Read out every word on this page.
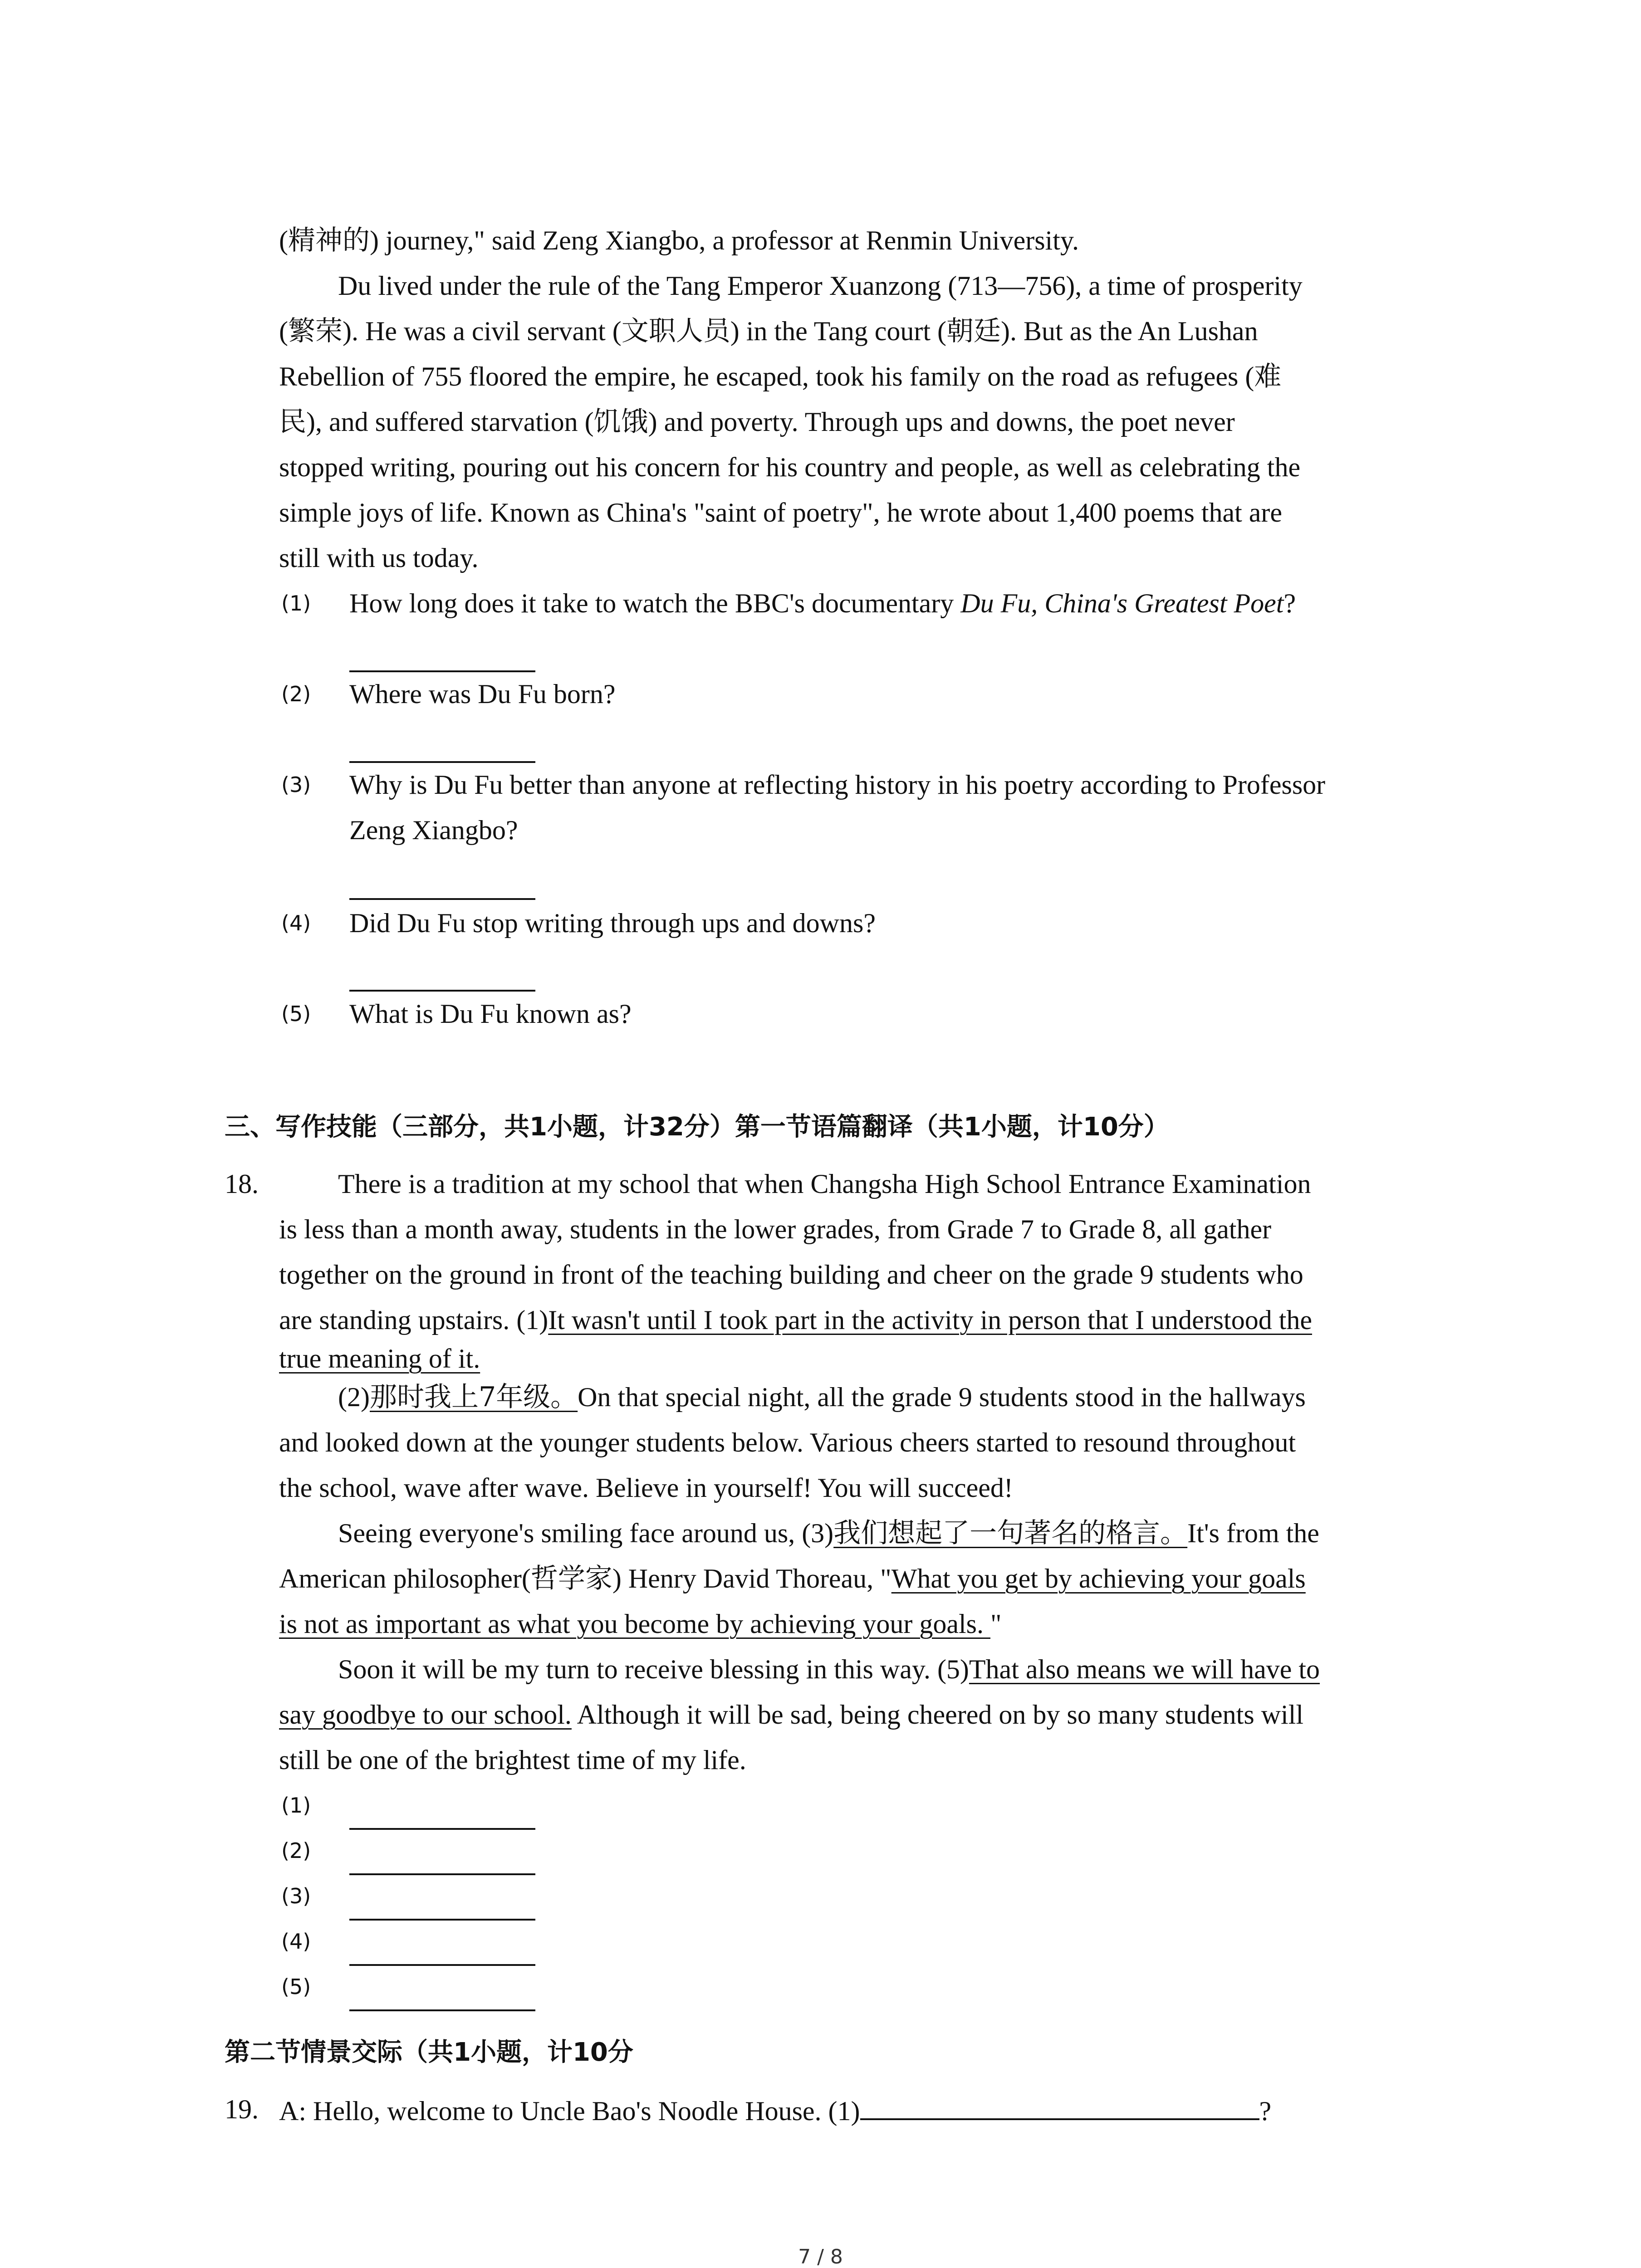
(精神的) journey," said Zeng Xiangbo, a professor at Renmin University.
Du lived under the rule of the Tang Emperor Xuanzong (713—756), a time of prosperity
(繁荣). He was a civil servant (文职人员) in the Tang court (朝廷). But as the An Lushan
Rebellion of 755 floored the empire, he escaped, took his family on the road as refugees (难
民), and suffered starvation (饥饿) and poverty. Through ups and downs, the poet never
stopped writing, pouring out his concern for his country and people, as well as celebrating the
simple joys of life. Known as China's "saint of poetry", he wrote about 1,400 poems that are
still with us today.
(1) How long does it take to watch the BBC's documentary Du Fu, China's Greatest Poet?
(2) Where was Du Fu born?
(3) Why is Du Fu better than anyone at reflecting history in his poetry according to Professor
Zeng Xiangbo?
(4) Did Du Fu stop writing through ups and downs?
(5) What is Du Fu known as?
三、写作技能（三部分，共1小题，计32分）第一节语篇翻译（共1小题，计10分）
18.	There is a tradition at my school that when Changsha High School Entrance Examination
is less than a month away, students in the lower grades, from Grade 7 to Grade 8, all gather
together on the ground in front of the teaching building and cheer on the grade 9 students who
are standing upstairs. (1)It wasn't until I took part in the activity in person that I understood the
true meaning of it.
(2)那时我上7年级。On that special night, all the grade 9 students stood in the hallways
and looked down at the younger students below. Various cheers started to resound throughout
the school, wave after wave. Believe in yourself! You will succeed!
Seeing everyone's smiling face around us, (3)我们想起了一句著名的格言。It's from the
American philosopher(哲学家) Henry David Thoreau, "What you get by achieving your goals
is not as important as what you become by achieving your goals. "
Soon it will be my turn to receive blessing in this way. (5)That also means we will have to
say goodbye to our school. Although it will be sad, being cheered on by so many students will
still be one of the brightest time of my life.
(1)
(2)
(3)
(4)
(5)
第二节情景交际（共1小题，计10分
19. A: Hello, welcome to Uncle Bao's Noodle House. (1)	?
7 / 8
